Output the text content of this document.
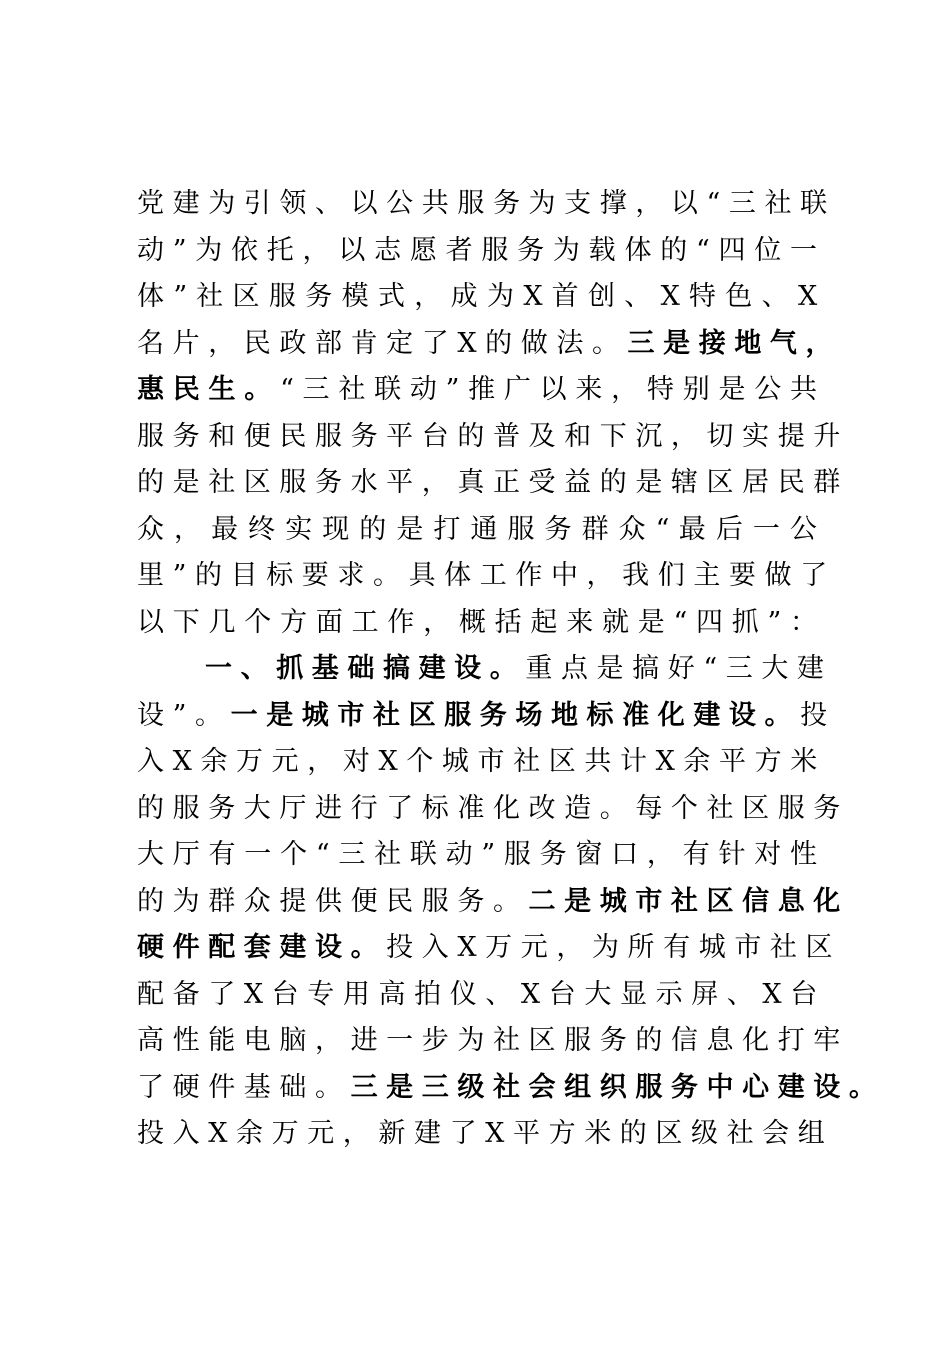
党 建 为 引 领 、 以 公 共 服 务 为 支 撑 ， 以 “ 三 社 联
动 ” 为 依 托 ， 以 志 愿 者 服 务 为 载 体 的 “ 四 位 一
体 ” 社 区 服 务 模 式 ， 成 为 X 首 创 、 X 特 色 、 X
名 片 ， 民 政 部 肯 定 了 X 的 做 法 。 三 是 接 地 气 ，
惠 民 生 。 “ 三 社 联 动 ” 推 广 以 来 ， 特 别 是 公 共
服 务 和 便 民 服 务 平 台 的 普 及 和 下 沉 ， 切 实 提 升
的 是 社 区 服 务 水 平 ， 真 正 受 益 的 是 辖 区 居 民 群
众 ， 最 终 实 现 的 是 打 通 服 务 群 众 “ 最 后 一 公
里 ” 的 目 标 要 求 。 具 体 工 作 中 ， 我 们 主 要 做 了
以 下 几 个 方 面 工 作 ， 概 括 起 来 就 是 “ 四 抓 ” ：
一 、 抓 基 础 搞 建 设 。 重 点 是 搞 好 “ 三 大 建
设 ” 。 一 是 城 市 社 区 服 务 场 地 标 准 化 建 设 。 投
入 X 余 万 元 ， 对 X 个 城 市 社 区 共 计 X 余 平 方 米
的 服 务 大 厅 进 行 了 标 准 化 改 造 。 每 个 社 区 服 务
大 厅 有 一 个 “ 三 社 联 动 ” 服 务 窗 口 ， 有 针 对 性
的 为 群 众 提 供 便 民 服 务 。 二 是 城 市 社 区 信 息 化
硬 件 配 套 建 设 。 投 入 X 万 元 ， 为 所 有 城 市 社 区
配 备 了 X 台 专 用 高 拍 仪 、 X 台 大 显 示 屏 、 X 台
高 性 能 电 脑 ， 进 一 步 为 社 区 服 务 的 信 息 化 打 牢
了 硬 件 基 础 。 三 是 三 级 社 会 组 织 服 务 中 心 建 设 。
投 入 X 余 万 元 ， 新 建 了 X 平 方 米 的 区 级 社 会 组
